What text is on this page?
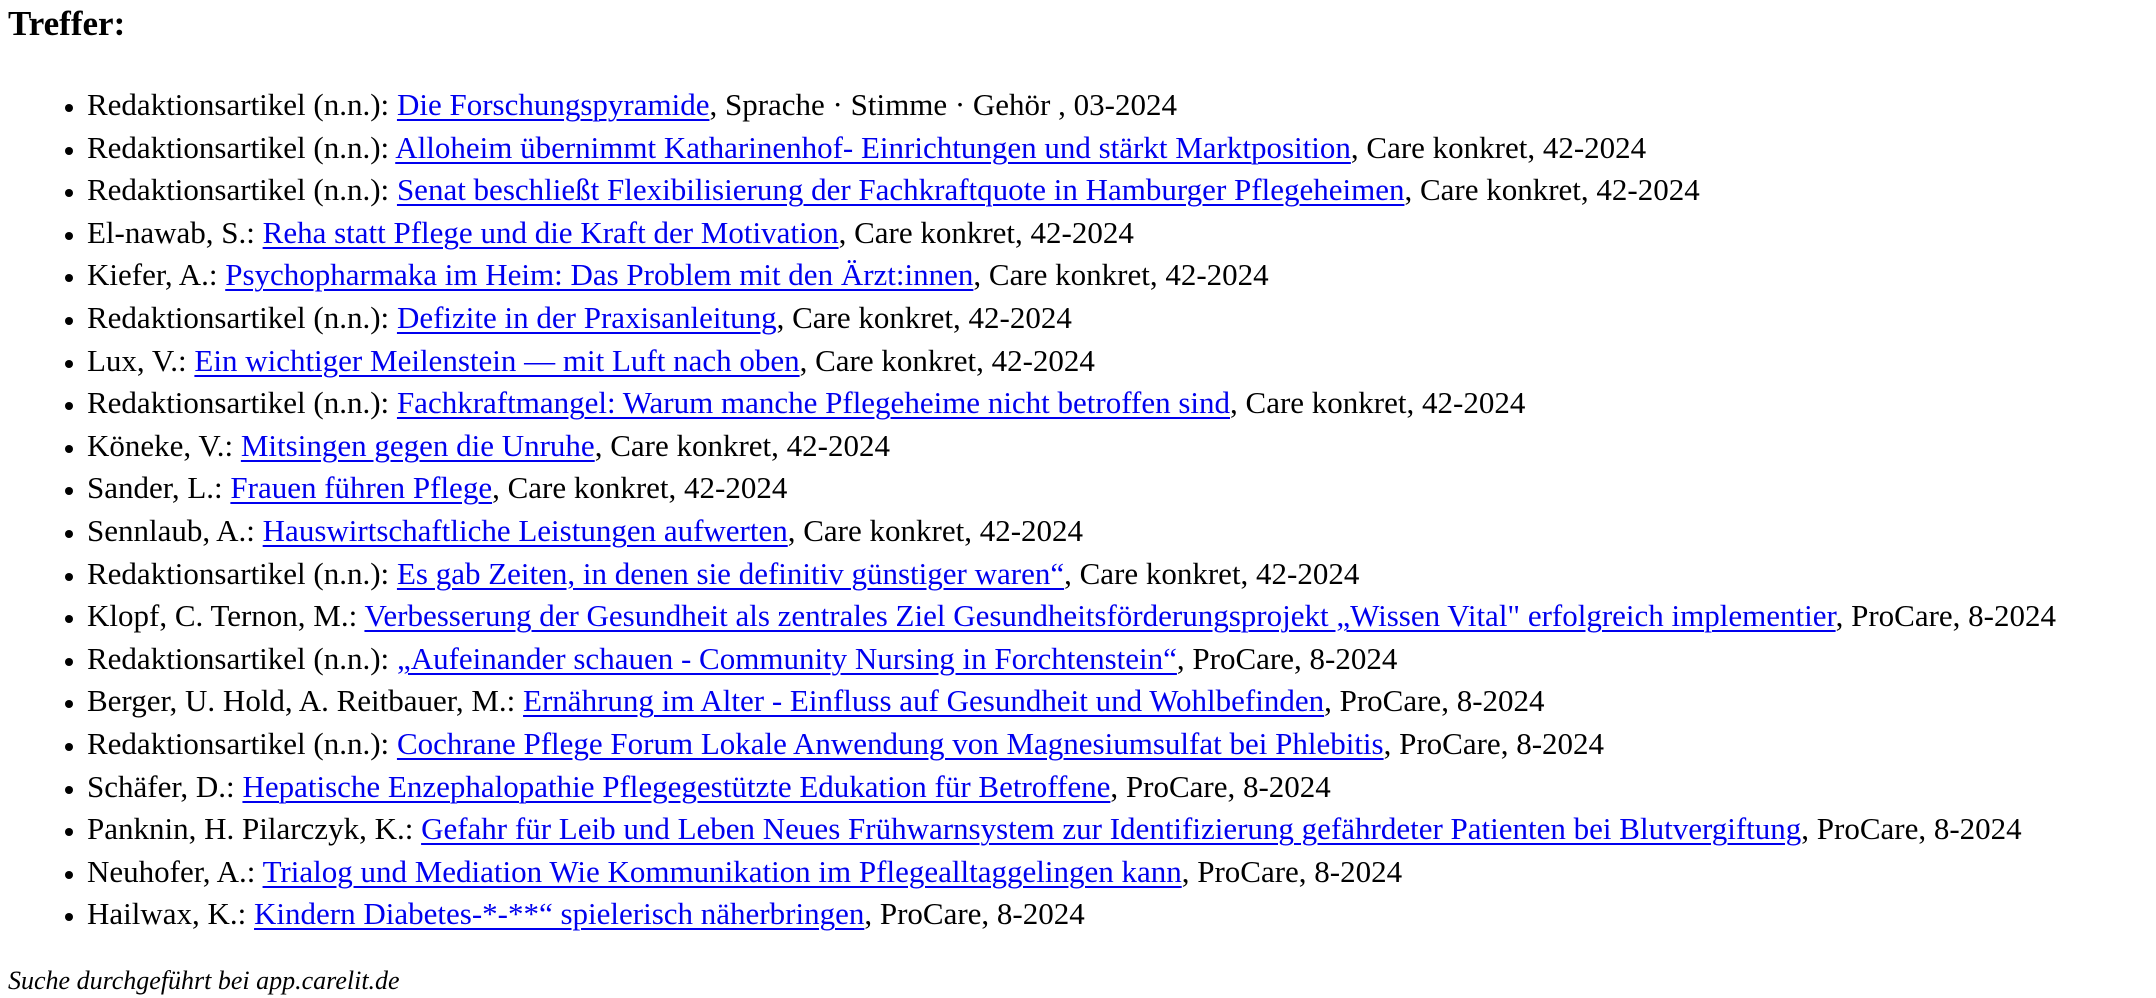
Treffer:
• Redaktionsartikel (n.n.): Die Forschungspyramide, Sprache · Stimme · Gehör , 03-2024
• Redaktionsartikel (n.n.): Alloheim übernimmt Katharinenhof- Einrichtungen und stärkt Marktposition, Care konkret, 42-2024
• Redaktionsartikel (n.n.): Senat beschließt Flexibilisierung der Fachkraftquote in Hamburger Pflegeheimen, Care konkret, 42-2024
• El-nawab, S.: Reha statt Pflege und die Kraft der Motivation, Care konkret, 42-2024
• Kiefer, A.: Psychopharmaka im Heim: Das Problem mit den Ärzt:innen, Care konkret, 42-2024
• Redaktionsartikel (n.n.): Defizite in der Praxisanleitung, Care konkret, 42-2024
• Lux, V.: Ein wichtiger Meilenstein — mit Luft nach oben, Care konkret, 42-2024
• Redaktionsartikel (n.n.): Fachkraftmangel: Warum manche Pflegeheime nicht betroffen sind, Care konkret, 42-2024
• Köneke, V.: Mitsingen gegen die Unruhe, Care konkret, 42-2024
• Sander, L.: Frauen führen Pflege, Care konkret, 42-2024
• Sennlaub, A.: Hauswirtschaftliche Leistungen aufwerten, Care konkret, 42-2024
• Redaktionsartikel (n.n.): Es gab Zeiten, in denen sie definitiv günstiger waren“, Care konkret, 42-2024
• Klopf, C. Ternon, M.: Verbesserung der Gesundheit als zentrales Ziel Gesundheitsförderungsprojekt „Wissen Vital" erfolgreich implementier, ProCare, 8-2024
• Redaktionsartikel (n.n.): „Aufeinander schauen - Community Nursing in Forchtenstein“, ProCare, 8-2024
• Berger, U. Hold, A. Reitbauer, M.: Ernährung im Alter - Einfluss auf Gesundheit und Wohlbefinden, ProCare, 8-2024
• Redaktionsartikel (n.n.): Cochrane Pflege Forum Lokale Anwendung von Magnesiumsulfat bei Phlebitis, ProCare, 8-2024
• Schäfer, D.: Hepatische Enzephalopathie Pflegegestützte Edukation für Betroffene, ProCare, 8-2024
• Panknin, H. Pilarczyk, K.: Gefahr für Leib und Leben Neues Frühwarnsystem zur Identifizierung gefährdeter Patienten bei Blutvergiftung, ProCare, 8-2024
• Neuhofer, A.: Trialog und Mediation Wie Kommunikation im Pflegealltaggelingen kann, ProCare, 8-2024
• Hailwax, K.: Kindern Diabetes-*-**“ spielerisch näherbringen, ProCare, 8-2024

Suche durchgeführt bei app.carelit.de
